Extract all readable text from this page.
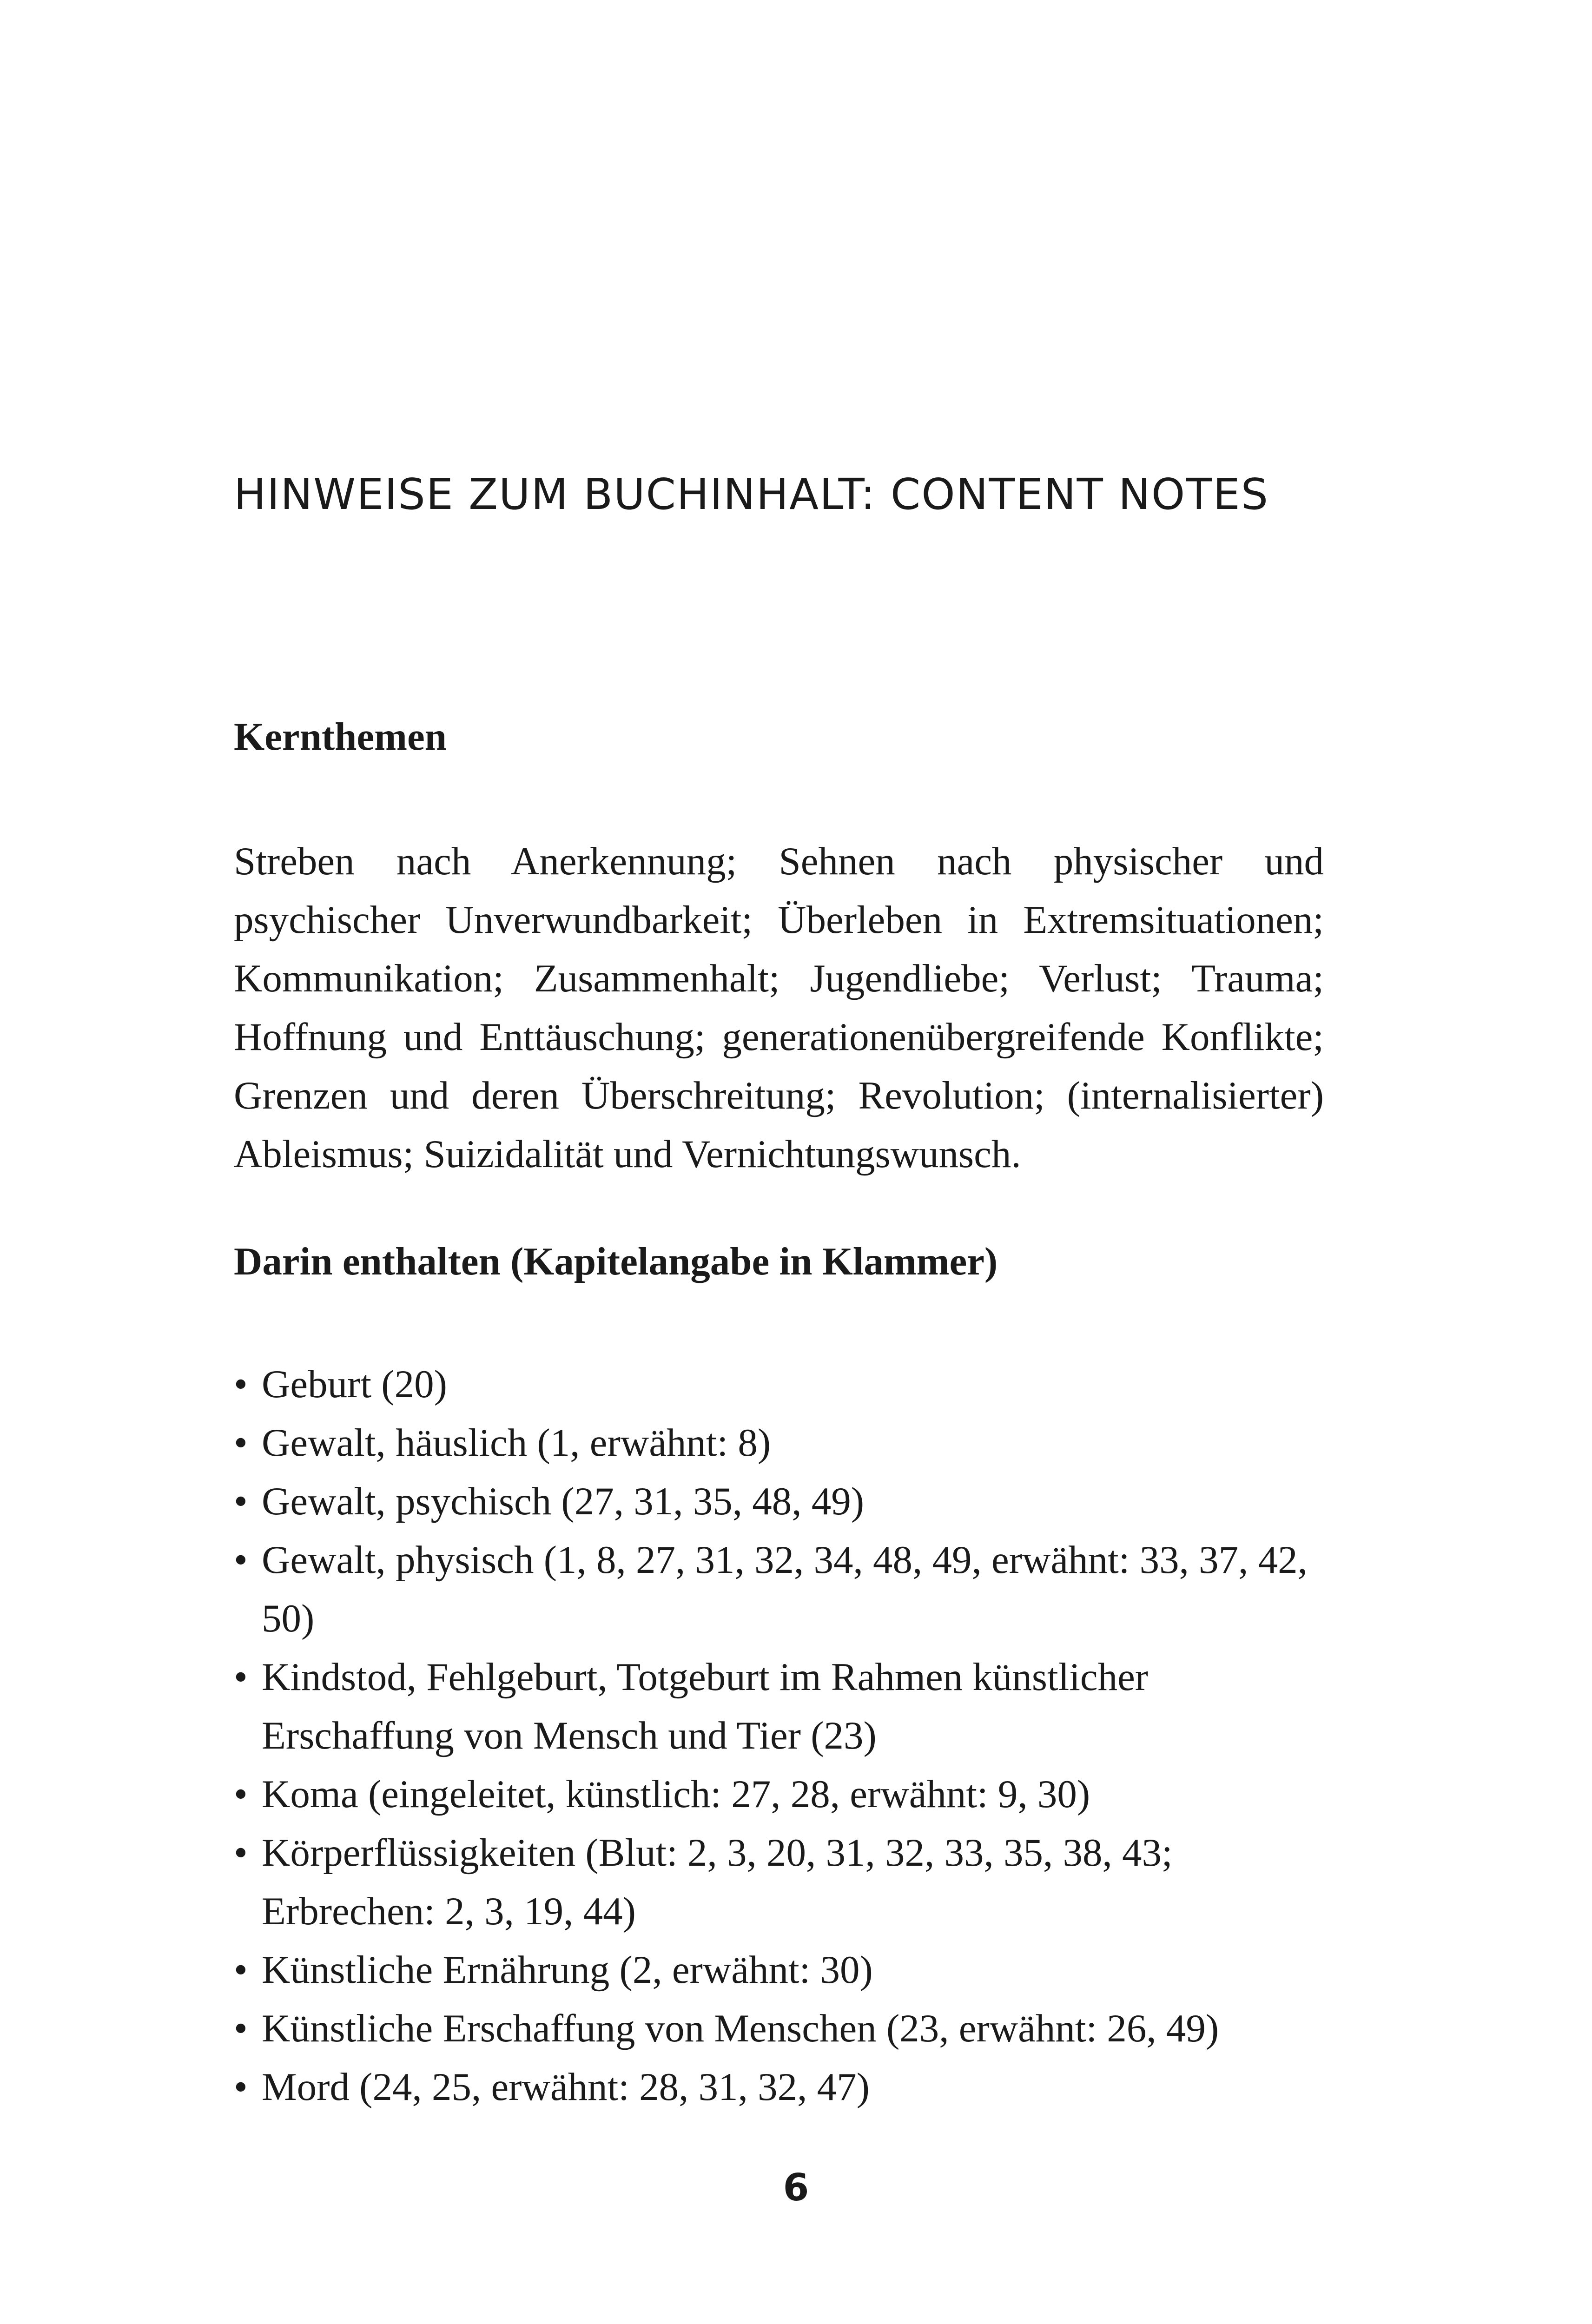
HINWEISE ZUM BUCHINHALT: CONTENT NOTES
Kernthemen

Streben nach Anerkennung; Sehnen nach physischer und psychischer Unverwundbarkeit; Überleben in Extremsituationen; Kommunikation; Zusammenhalt; Jugendliebe; Verlust; Trauma; Hoffnung und Enttäuschung; generationenübergreifende Konflikte; Grenzen und deren Überschreitung; Revolution; (internalisierter) Ableismus; Suizidalität und Vernichtungswunsch.

Darin enthalten (Kapitelangabe in Klammer)
• Geburt (20)
• Gewalt, häuslich (1, erwähnt: 8)
• Gewalt, psychisch (27, 31, 35, 48, 49)
• Gewalt, physisch (1, 8, 27, 31, 32, 34, 48, 49, erwähnt: 33, 37, 42, 50)
• Kindstod, Fehlgeburt, Totgeburt im Rahmen künstlicher Erschaffung von Mensch und Tier (23)
• Koma (eingeleitet, künstlich: 27, 28, erwähnt: 9, 30)
• Körperflüssigkeiten (Blut: 2, 3, 20, 31, 32, 33, 35, 38, 43; Erbrechen: 2, 3, 19, 44)
• Künstliche Ernährung (2, erwähnt: 30)
• Künstliche Erschaffung von Menschen (23, erwähnt: 26, 49)
• Mord (24, 25, erwähnt: 28, 31, 32, 47)
6
